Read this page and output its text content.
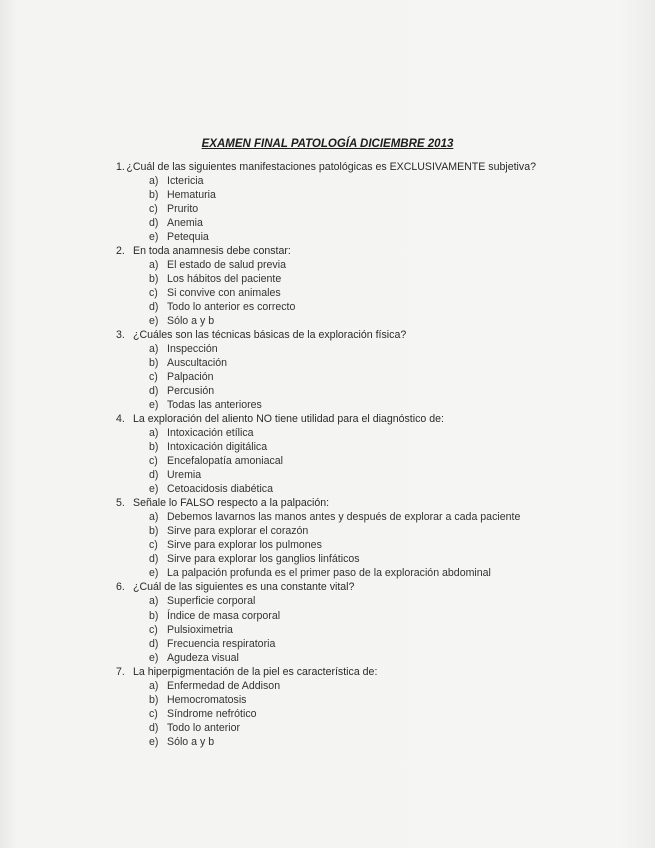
EXAMEN FINAL PATOLOGÍA DICIEMBRE 2013
1. ¿Cuál de las siguientes manifestaciones patológicas es EXCLUSIVAMENTE subjetiva?
a) Ictericia
b) Hematuria
c) Prurito
d) Anemia
e) Petequia
2. En toda anamnesis debe constar:
a) El estado de salud previa
b) Los hábitos del paciente
c) Si convive con animales
d) Todo lo anterior es correcto
e) Sólo a y b
3. ¿Cuáles son las técnicas básicas de la exploración física?
a) Inspección
b) Auscultación
c) Palpación
d) Percusión
e) Todas las anteriores
4. La exploración del aliento NO tiene utilidad para el diagnóstico de:
a) Intoxicación etílica
b) Intoxicación digitálica
c) Encefalopatía amoniacal
d) Uremia
e) Cetoacidosis diabética
5. Señale lo FALSO respecto a la palpación:
a) Debemos lavarnos las manos antes y después de explorar a cada paciente
b) Sirve para explorar el corazón
c) Sirve para explorar los pulmones
d) Sirve para explorar los ganglios linfáticos
e) La palpación profunda es el primer paso de la exploración abdominal
6. ¿Cuál de las siguientes es una constante vital?
a) Superficie corporal
b) Índice de masa corporal
c) Pulsioximetria
d) Frecuencia respiratoria
e) Agudeza visual
7. La hiperpigmentación de la piel es característica de:
a) Enfermedad de Addison
b) Hemocromatosis
c) Síndrome nefrótico
d) Todo lo anterior
e) Sólo a y b
